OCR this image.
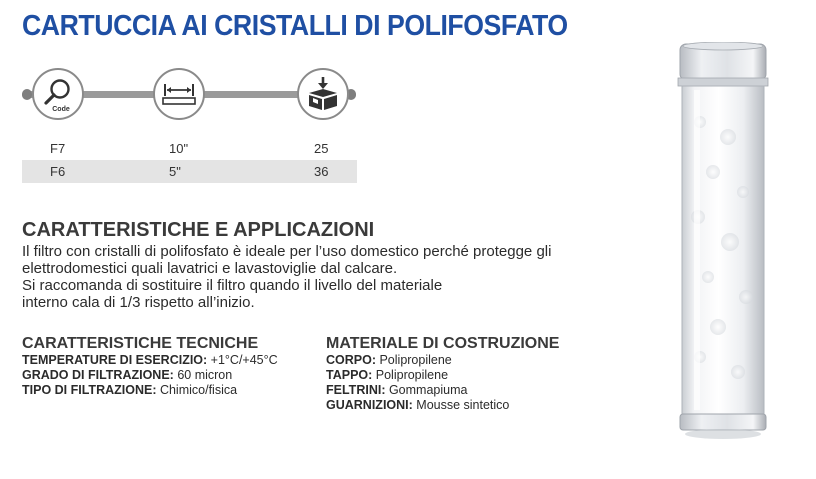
CARTUCCIA AI CRISTALLI DI POLIFOSFATO
Code
F7	10"	25
F6	5"	36
CARATTERISTICHE E APPLICAZIONI

Il filtro con cristalli di polifosfato è ideale per l’uso domestico perché protegge gli

elettrodomestici quali lavatrici e lavastoviglie dal calcare.

Si raccomanda di sostituire il filtro quando il livello del materiale

interno cala di 1/3 rispetto all’inizio.

CARATTERISTICHE TECNICHE
TEMPERATURE DI ESERCIZIO: +1°C/+45°C
GRADO DI FILTRAZIONE: 60 micron
TIPO DI FILTRAZIONE: Chimico/fisica
MATERIALE DI COSTRUZIONE
CORPO: Polipropilene
TAPPO: Polipropilene
FELTRINI: Gommapiuma
GUARNIZIONI: Mousse sintetico
